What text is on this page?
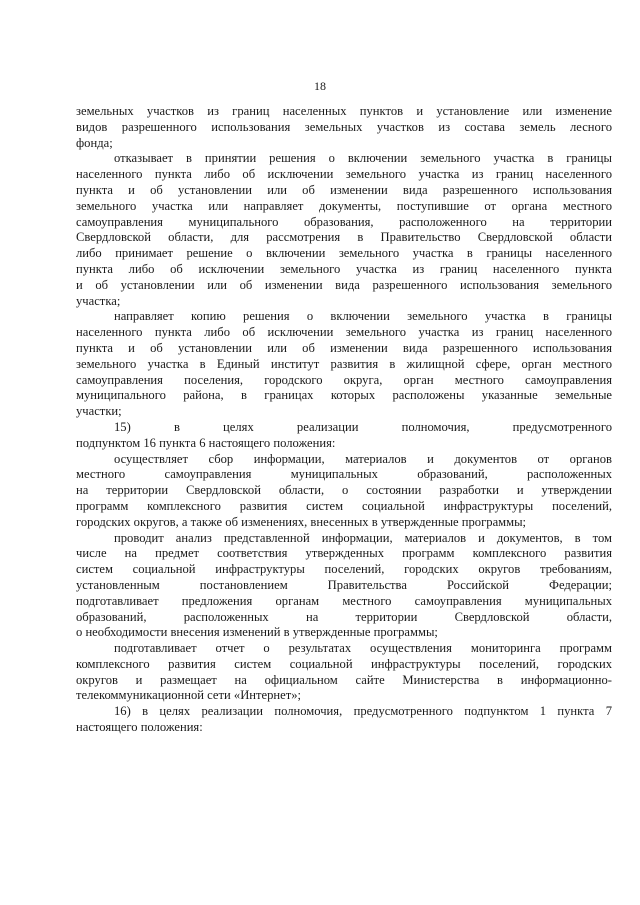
18
земельных участков из границ населенных пунктов и установление или изменение
видов разрешенного использования земельных участков из состава земель лесного
фонда;
отказывает в принятии решения о включении земельного участка в границы
населенного пункта либо об исключении земельного участка из границ населенного
пункта и об установлении или об изменении вида разрешенного использования
земельного участка или направляет документы, поступившие от органа местного
самоуправления муниципального образования, расположенного на территории
Свердловской области, для рассмотрения в Правительство Свердловской области
либо принимает решение о включении земельного участка в границы населенного
пункта либо об исключении земельного участка из границ населенного пункта
и об установлении или об изменении вида разрешенного использования земельного
участка;
направляет копию решения о включении земельного участка в границы
населенного пункта либо об исключении земельного участка из границ населенного
пункта и об установлении или об изменении вида разрешенного использования
земельного участка в Единый институт развития в жилищной сфере, орган местного
самоуправления поселения, городского округа, орган местного самоуправления
муниципального района, в границах которых расположены указанные земельные
участки;
15) в целях реализации полномочия, предусмотренного
подпунктом 16 пункта 6 настоящего положения:
осуществляет сбор информации, материалов и документов от органов
местного самоуправления муниципальных образований, расположенных
на территории Свердловской области, о состоянии разработки и утверждении
программ комплексного развития систем социальной инфраструктуры поселений,
городских округов, а также об изменениях, внесенных в утвержденные программы;
проводит анализ представленной информации, материалов и документов, в том
числе на предмет соответствия утвержденных программ комплексного развития
систем социальной инфраструктуры поселений, городских округов требованиям,
установленным постановлением Правительства Российской Федерации;
подготавливает предложения органам местного самоуправления муниципальных
образований, расположенных на территории Свердловской области,
о необходимости внесения изменений в утвержденные программы;
подготавливает отчет о результатах осуществления мониторинга программ
комплексного развития систем социальной инфраструктуры поселений, городских
округов и размещает на официальном сайте Министерства в информационно-
телекоммуникационной сети «Интернет»;
16) в целях реализации полномочия, предусмотренного подпунктом 1 пункта 7
настоящего положения:
